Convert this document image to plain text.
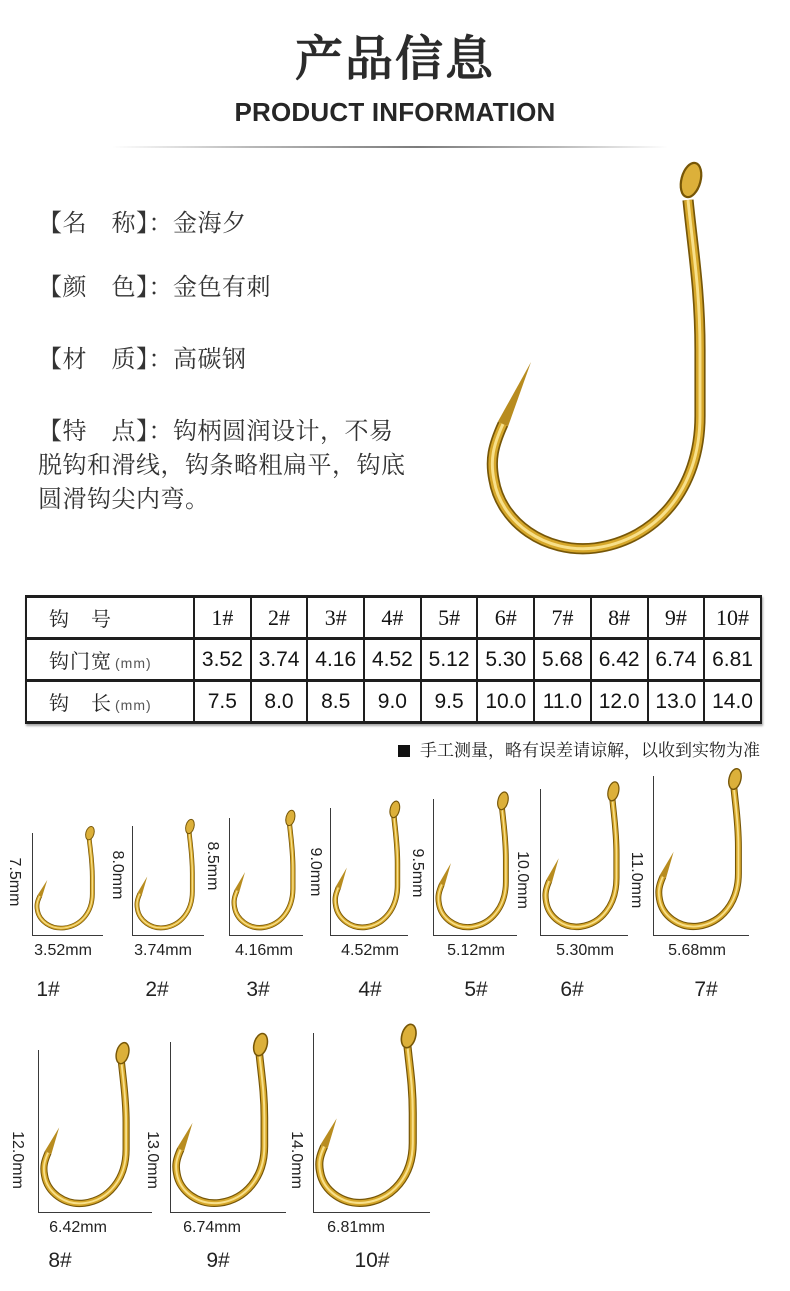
产品信息
PRODUCT INFORMATION
【名　称】：金海夕
【颜　色】：金色有刺
【材　质】：高碳钢
【特　点】：钩柄圆润设计，不易
脱钩和滑线，钩条略粗扁平，钩底
圆滑钩尖内弯。
钩　号	1#	2#	3#	4#	5#	6#	7#	8#	9#	10#
钩门宽 (mm)	3.52	3.74	4.16	4.52	5.12	5.30	5.68	6.42	6.74	6.81
钩　长 (mm)	7.5	8.0	8.5	9.0	9.5	10.0	11.0	12.0	13.0	14.0
手工测量，略有误差请谅解，以收到实物为准
7.5mm
3.52mm
1#
8.0mm
3.74mm
2#
8.5mm
4.16mm
3#
9.0mm
4.52mm
4#
9.5mm
5.12mm
5#
10.0mm
5.30mm
6#
11.0mm
5.68mm
7#
12.0mm
6.42mm
8#
13.0mm
6.74mm
9#
14.0mm
6.81mm
10#
